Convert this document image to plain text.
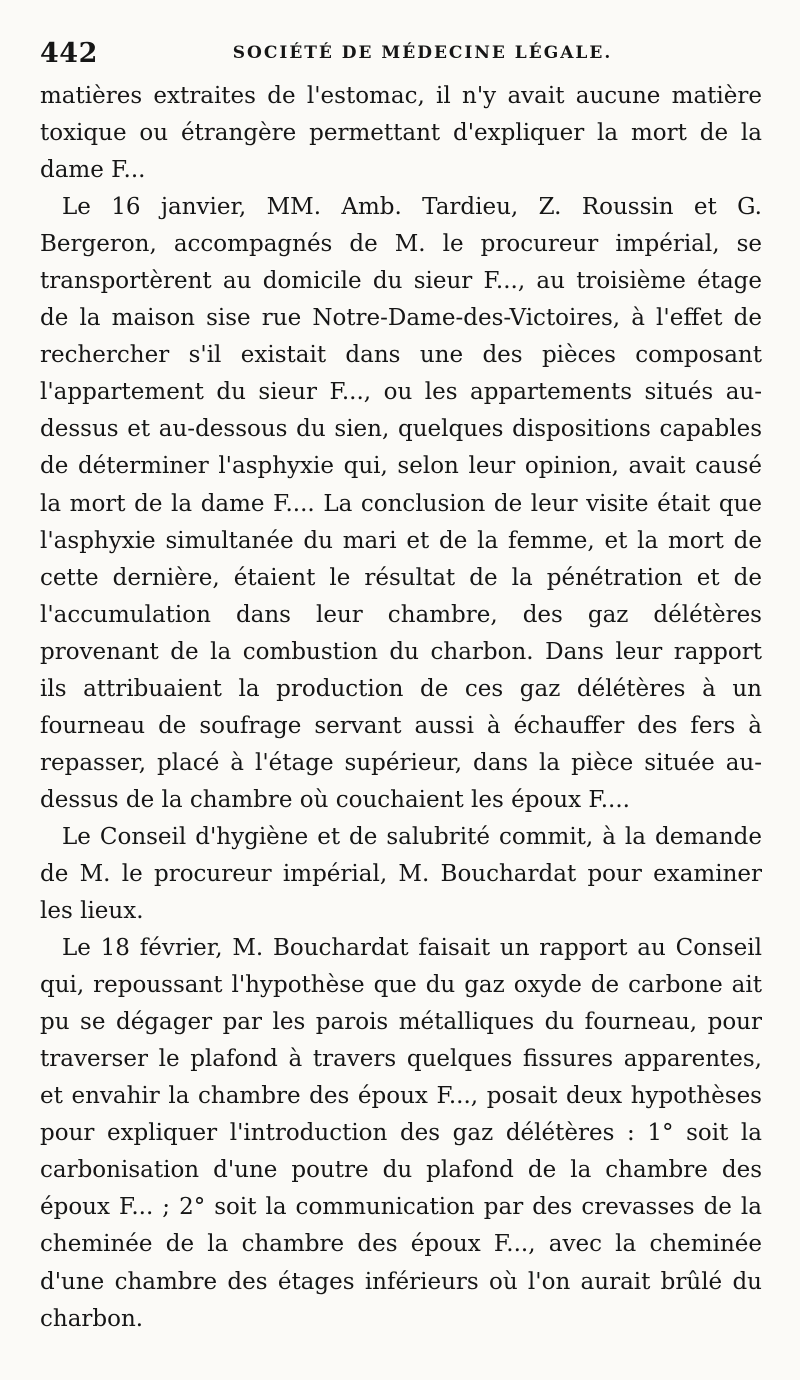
442	SOCIÉTÉ DE MÉDECINE LÉGALE.

matières extraites de l'estomac, il n'y avait aucune matière toxique ou étrangère permettant d'expliquer la mort de la dame F...

Le 16 janvier, MM. Amb. Tardieu, Z. Roussin et G. Bergeron, accompagnés de M. le procureur impérial, se transportèrent au domicile du sieur F..., au troisième étage de la maison sise rue Notre-Dame-des-Victoires, à l'effet de rechercher s'il existait dans une des pièces composant l'appartement du sieur F..., ou les appartements situés au-dessus et au-dessous du sien, quelques dispositions capables de déterminer l'asphyxie qui, selon leur opinion, avait causé la mort de la dame F.... La conclusion de leur visite était que l'asphyxie simultanée du mari et de la femme, et la mort de cette dernière, étaient le résultat de la pénétration et de l'accumulation dans leur chambre, des gaz délétères provenant de la combustion du charbon. Dans leur rapport ils attribuaient la production de ces gaz délétères à un fourneau de soufrage servant aussi à échauffer des fers à repasser, placé à l'étage supérieur, dans la pièce située au-dessus de la chambre où couchaient les époux F....

Le Conseil d'hygiène et de salubrité commit, à la demande de M. le procureur impérial, M. Bouchardat pour examiner les lieux.

Le 18 février, M. Bouchardat faisait un rapport au Conseil qui, repoussant l'hypothèse que du gaz oxyde de carbone ait pu se dégager par les parois métalliques du fourneau, pour traverser le plafond à travers quelques fissures apparentes, et envahir la chambre des époux F..., posait deux hypothèses pour expliquer l'introduction des gaz délétères : 1° soit la carbonisation d'une poutre du plafond de la chambre des époux F... ; 2° soit la communication par des crevasses de la cheminée de la chambre des époux F..., avec la cheminée d'une chambre des étages inférieurs où l'on aurait brûlé du charbon.
